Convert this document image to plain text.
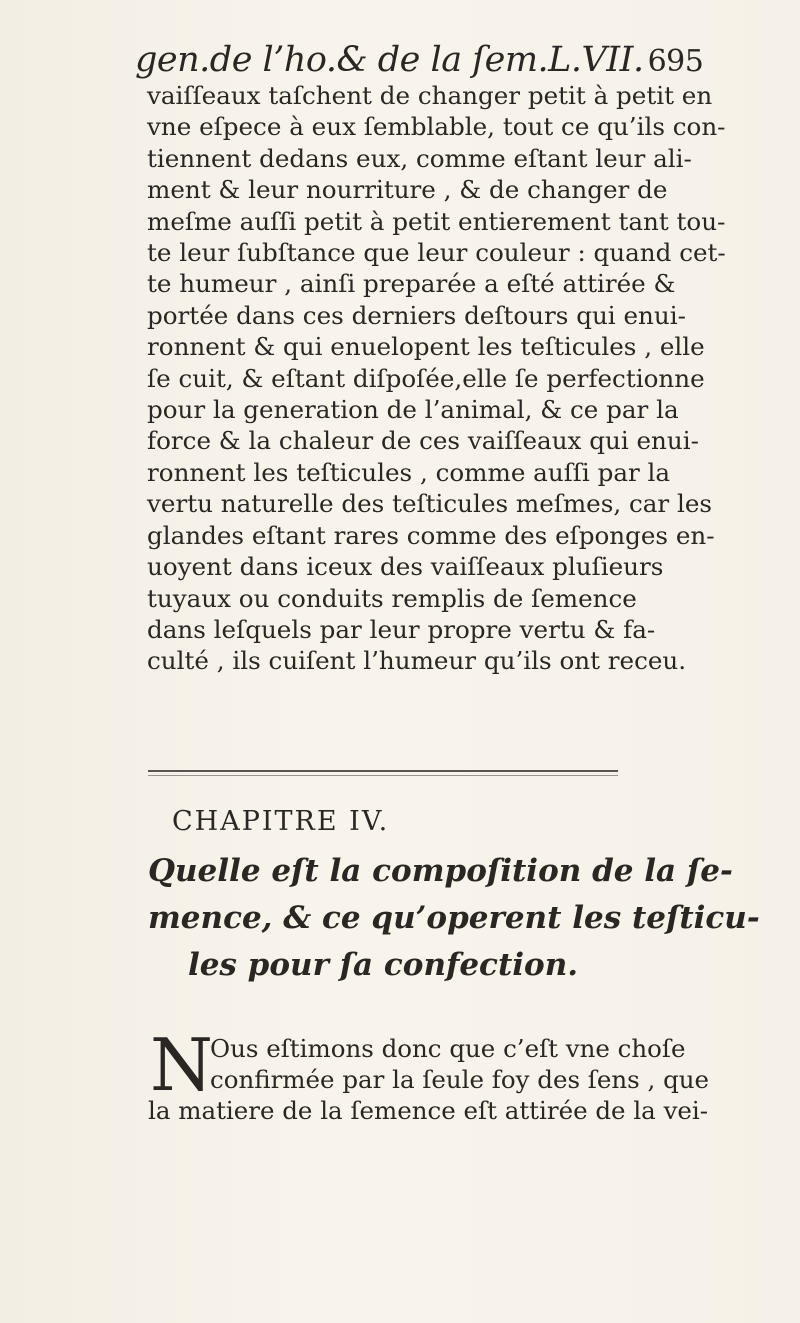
gen.de l’ho.& de la ſem.L.VII. 695
vaiſſeaux taſchent de changer petit à petit en
vne eſpece à eux ſemblable, tout ce qu’ils con-
tiennent dedans eux, comme eſtant leur ali-
ment & leur nourriture , & de changer de
meſme auſſi petit à petit entierement tant tou-
te leur ſubſtance que leur couleur : quand cet-
te humeur , ainſi preparée a eſté attirée &
portée dans ces derniers deſtours qui enui-
ronnent & qui enuelopent les teſticules , elle
ſe cuit, & eſtant diſpoſée,elle ſe perfectionne
pour la generation de l’animal, & ce par la
force & la chaleur de ces vaiſſeaux qui enui-
ronnent les teſticules , comme auſſi par la
vertu naturelle des teſticules meſmes, car les
glandes eſtant rares comme des eſponges en-
uoyent dans iceux des vaiſſeaux pluſieurs
tuyaux ou conduits remplis de ſemence
dans leſquels par leur propre vertu & fa-
culté , ils cuiſent l’humeur qu’ils ont receu.
CHAPITRE IV.
Quelle eſt la compoſition de la ſe-
mence, & ce qu’operent les teſticu-
les pour ſa confection.
N
Ous eſtimons donc que c’eſt vne choſe
confirmée par la ſeule foy des ſens , que
la matiere de la ſemence eſt attirée de la vei-
